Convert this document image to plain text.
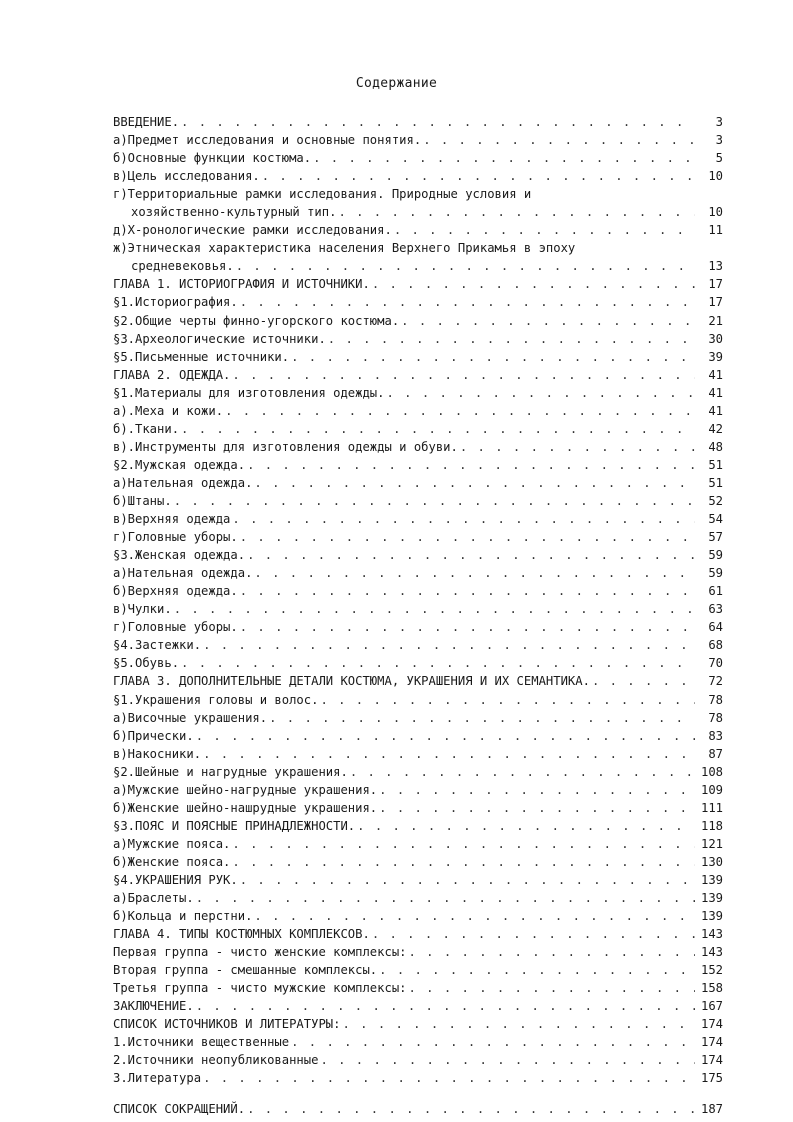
Содержание
ВВЕДЕНИЕ. . . .	3
а)Предмет исследования и основные понятия. . . .	3
б)Основные функции костюма. . . .	5
в)Цель исследования. . . .	10
г)Территориальные рамки исследования. Природные условия и
хозяйственно-культурный тип. . . .	10
д)Х-ронологические рамки исследования. . . .	11
ж)Этническая характеристика населения Верхнего Прикамья в эпоху
средневековья. . . .	13
ГЛАВА 1. ИСТОРИОГРАФИЯ И ИСТОЧНИКИ. . . .	17
§1.Историография. . . .	17
§2.Общие черты финно-угорского костюма. . . .	21
§3.Археологические источники. . . .	30
§5.Письменные источники. . . .	39
ГЛАВА 2. ОДЕЖДА. . . .	41
§1.Материалы для изготовления одежды. . . .	41
а).Меха и кожи. . . .	41
б).Ткани. . . .	42
в).Инструменты для изготовления одежды и обуви. . . .	48
§2.Мужская одежда. . . .	51
а)Нательная одежда. . . .	51
б)Штаны. . . .	52
в)Верхняя одежда . . .	54
г)Головные уборы. . . .	57
§3.Женская одежда. . . .	59
а)Нательная одежда. . . .	59
б)Верхняя одежда. . . .	61
в)Чулки. . . .	63
г)Головные уборы. . . .	64
§4.Застежки. . . .	68
§5.Обувь. . . .	70
ГЛАВА 3. ДОПОЛНИТЕЛЬНЫЕ ДЕТАЛИ КОСТЮМА, УКРАШЕНИЯ И ИХ СЕМАНТИКА. . . .	72
§1.Украшения головы и волос. . . .	78
а)Височные украшения. . . .	78
б)Прически. . . .	83
в)Накосники. . . .	87
§2.Шейные и нагрудные украшения. . . .	108
а)Мужские шейно-нагрудные украшения. . . .	109
б)Женские шейно-нашрудные украшения. . . .	111
§3.ПОЯС И ПОЯСНЫЕ ПРИНАДЛЕЖНОСТИ. . . .	118
а)Мужские пояса. . . .	121
б)Женские пояса. . . .	130
§4.УКРАШЕНИЯ РУК. . . .	139
а)Браслеты. . . .	139
б)Кольца и перстни. . . .	139
ГЛАВА 4. ТИПЫ КОСТЮМНЫХ КОМПЛЕКСОВ. . . .	143
Первая группа - чисто женские комплексы: . . .	143
Вторая группа - смешанные комплексы. . . .	152
Третья группа - чисто мужские комплексы: . . .	158
ЗАКЛЮЧЕНИЕ. . . .	167
СПИСОК ИСТОЧНИКОВ И ЛИТЕРАТУРЫ: . . .	174
1.Источники вещественные . . .	174
2.Источники неопубликованные . . .	174
3.Литература . . .	175
СПИСОК СОКРАЩЕНИЙ. . . .	187
